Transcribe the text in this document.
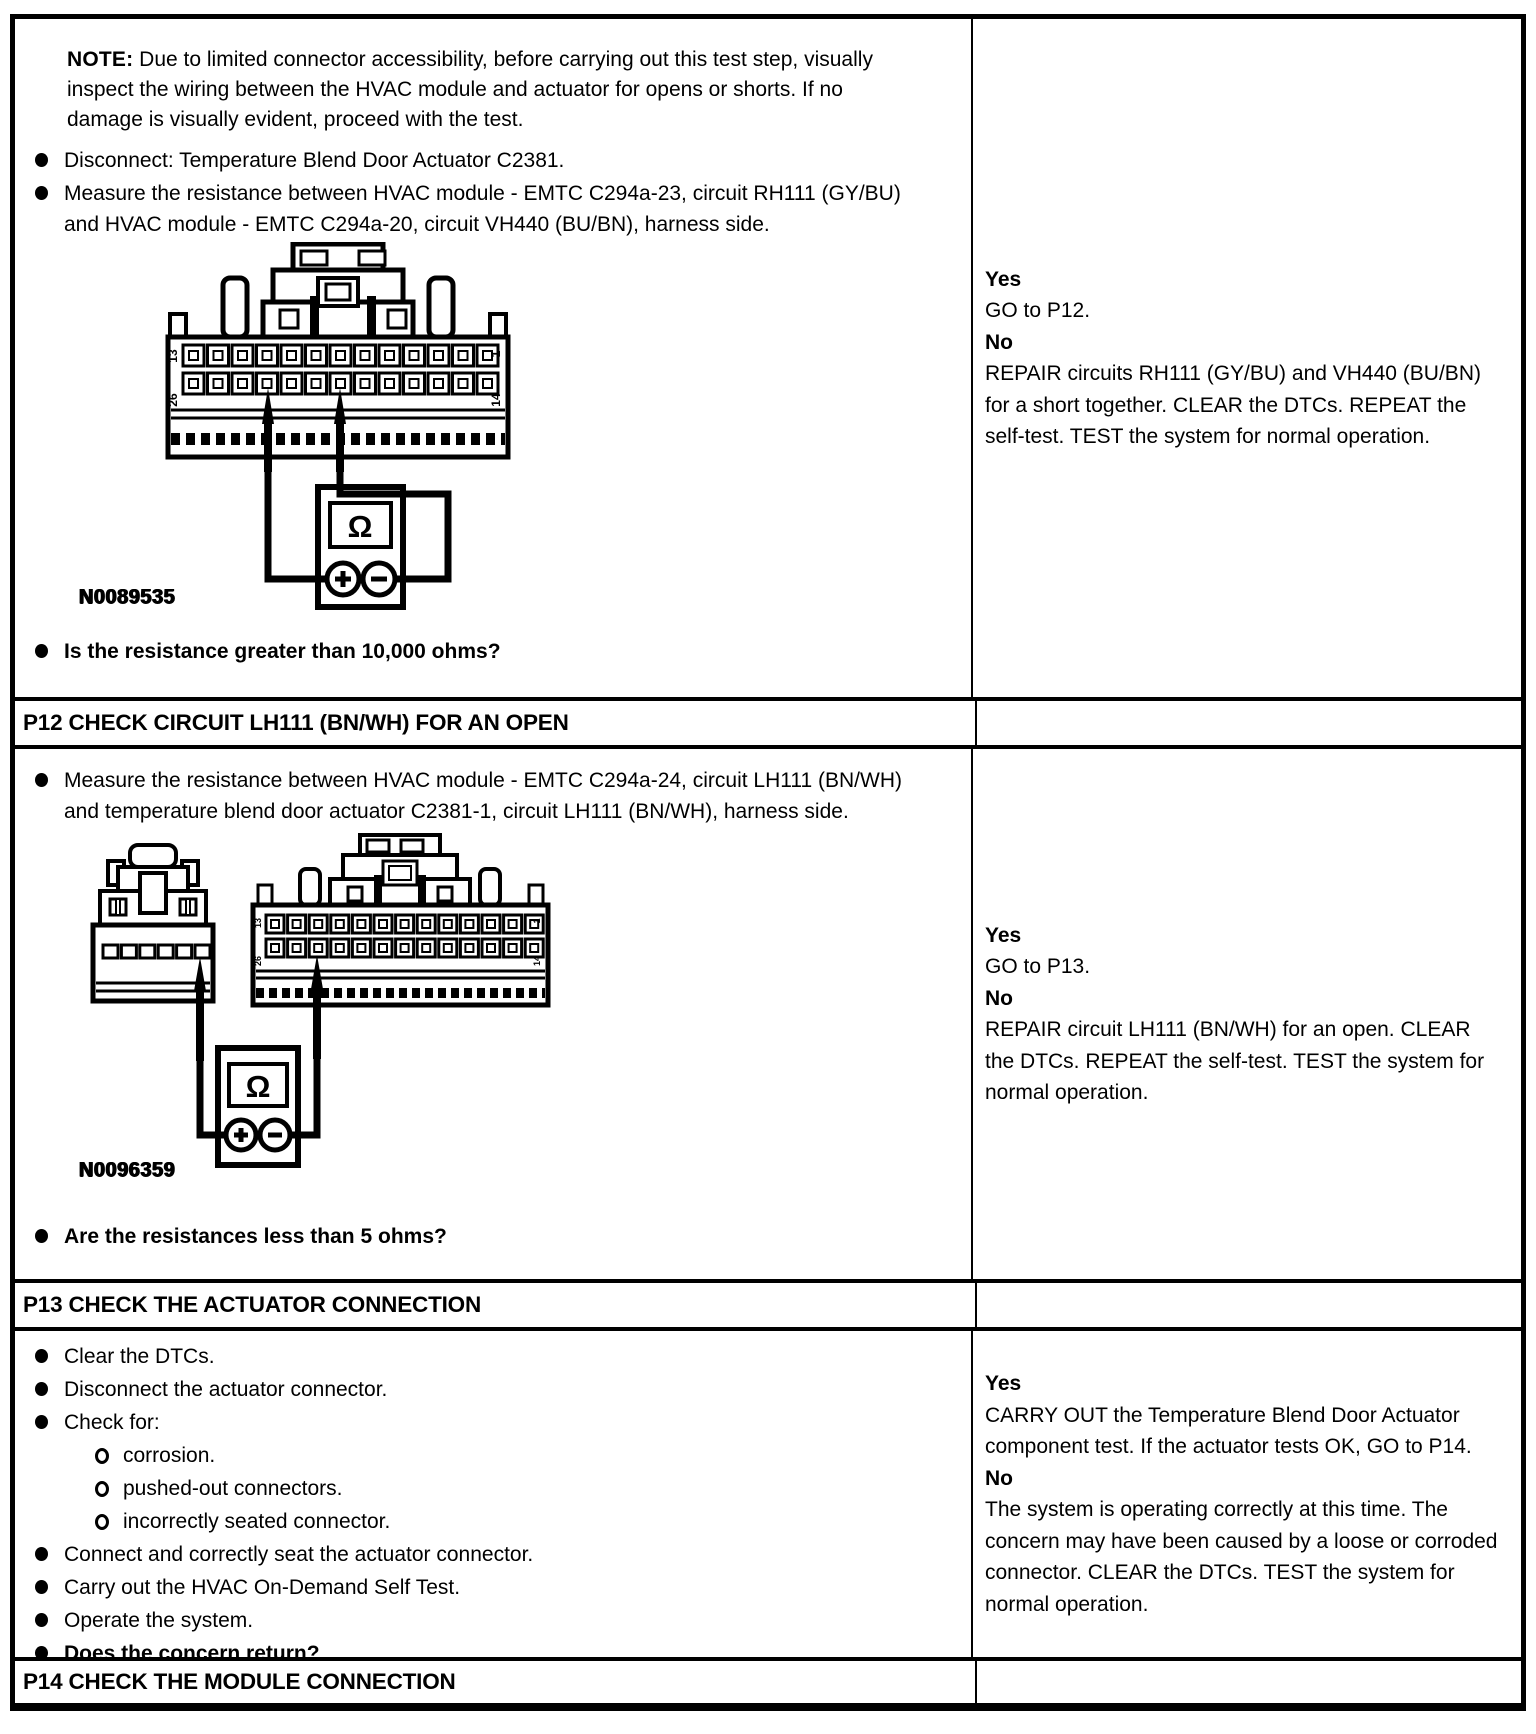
NOTE: Due to limited connector accessibility, before carrying out this test step, visually inspect the wiring between the HVAC module and actuator for opens or shorts. If no damage is visually evident, proceed with the test.

Disconnect: Temperature Blend Door Actuator C2381.
Measure the resistance between HVAC module - EMTC C294a-23, circuit RH111 (GY/BU) and HVAC module - EMTC C294a-20, circuit VH440 (BU/BN), harness side.
13	1
26	14
Ω
N0089535
Is the resistance greater than 10,000 ohms?

Yes

GO to P12.

No

REPAIR circuits RH111 (GY/BU) and VH440 (BU/BN) for a short together. CLEAR the DTCs. REPEAT the self-test. TEST the system for normal operation.

P12 CHECK CIRCUIT LH111 (BN/WH) FOR AN OPEN
Measure the resistance between HVAC module - EMTC C294a-24, circuit LH111 (BN/WH) and temperature blend door actuator C2381-1, circuit LH111 (BN/WH), harness side.
13	1
26	14
Ω
N0096359
Are the resistances less than 5 ohms?

Yes

GO to P13.

No

REPAIR circuit LH111 (BN/WH) for an open. CLEAR the DTCs. REPEAT the self-test. TEST the system for normal operation.

P13 CHECK THE ACTUATOR CONNECTION
Clear the DTCs.
Disconnect the actuator connector.
Check for:
corrosion.
pushed-out connectors.
incorrectly seated connector.
Connect and correctly seat the actuator connector.
Carry out the HVAC On-Demand Self Test.
Operate the system.
Does the concern return?

Yes

CARRY OUT the Temperature Blend Door Actuator component test. If the actuator tests OK, GO to P14.

No

The system is operating correctly at this time. The concern may have been caused by a loose or corroded connector. CLEAR the DTCs. TEST the system for normal operation.

P14 CHECK THE MODULE CONNECTION
